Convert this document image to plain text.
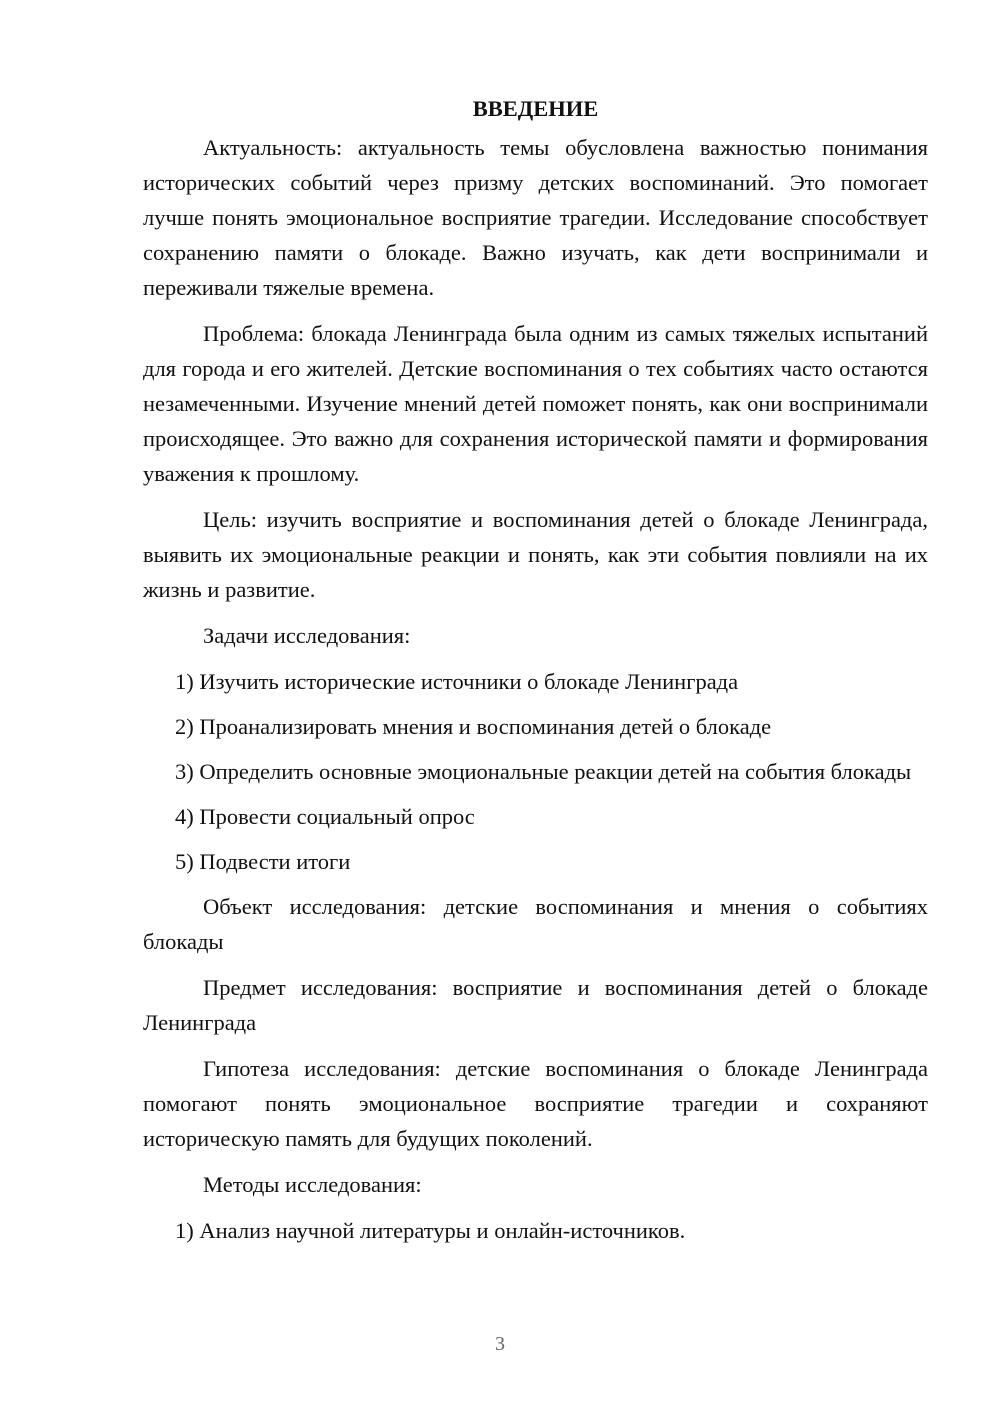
ВВЕДЕНИЕ

Актуальность: актуальность темы обусловлена важностью понимания исторических событий через призму детских воспоминаний. Это помогает лучше понять эмоциональное восприятие трагедии. Исследование способствует сохранению памяти о блокаде. Важно изучать, как дети воспринимали и переживали тяжелые времена.

Проблема: блокада Ленинграда была одним из самых тяжелых испытаний для города и его жителей. Детские воспоминания о тех событиях часто остаются незамеченными. Изучение мнений детей поможет понять, как они воспринимали происходящее. Это важно для сохранения исторической памяти и формирования уважения к прошлому.

Цель: изучить восприятие и воспоминания детей о блокаде Ленинграда, выявить их эмоциональные реакции и понять, как эти события повлияли на их жизнь и развитие.

Задачи исследования:

1) Изучить исторические источники о блокаде Ленинграда

2) Проанализировать мнения и воспоминания детей о блокаде

3) Определить основные эмоциональные реакции детей на события блокады

4) Провести социальный опрос

5) Подвести итоги

Объект исследования: детские воспоминания и мнения о событиях блокады

Предмет исследования: восприятие и воспоминания детей о блокаде Ленинграда

Гипотеза исследования: детские воспоминания о блокаде Ленинграда помогают понять эмоциональное восприятие трагедии и сохраняют историческую память для будущих поколений.

Методы исследования:

1) Анализ научной литературы и онлайн-источников.

3
